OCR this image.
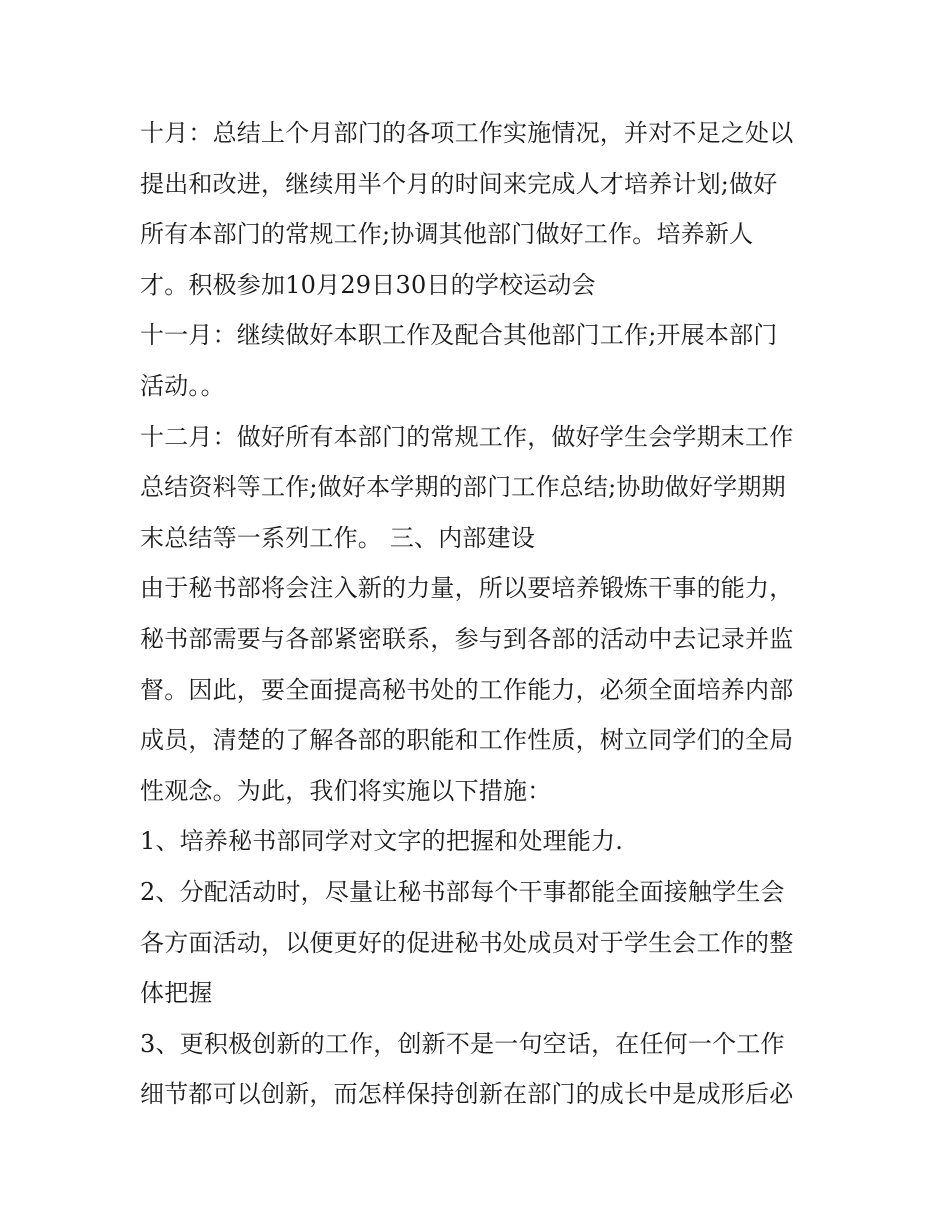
十月：总结上个月部门的各项工作实施情况，并对不足之处以
提出和改进，继续用半个月的时间来完成人才培养计划;做好
所有本部门的常规工作;协调其他部门做好工作。培养新人
才。积极参加10月29日30日的学校运动会
十一月：继续做好本职工作及配合其他部门工作;开展本部门
活动。。
十二月：做好所有本部门的常规工作，做好学生会学期末工作
总结资料等工作;做好本学期的部门工作总结;协助做好学期期
末总结等一系列工作。 三、内部建设
由于秘书部将会注入新的力量，所以要培养锻炼干事的能力，
秘书部需要与各部紧密联系，参与到各部的活动中去记录并监
督。因此，要全面提高秘书处的工作能力，必须全面培养内部
成员，清楚的了解各部的职能和工作性质，树立同学们的全局
性观念。为此，我们将实施以下措施：
1、培养秘书部同学对文字的把握和处理能力.
2、分配活动时，尽量让秘书部每个干事都能全面接触学生会
各方面活动，以便更好的促进秘书处成员对于学生会工作的整
体把握
3、更积极创新的工作，创新不是一句空话，在任何一个工作
细节都可以创新，而怎样保持创新在部门的成长中是成形后必
